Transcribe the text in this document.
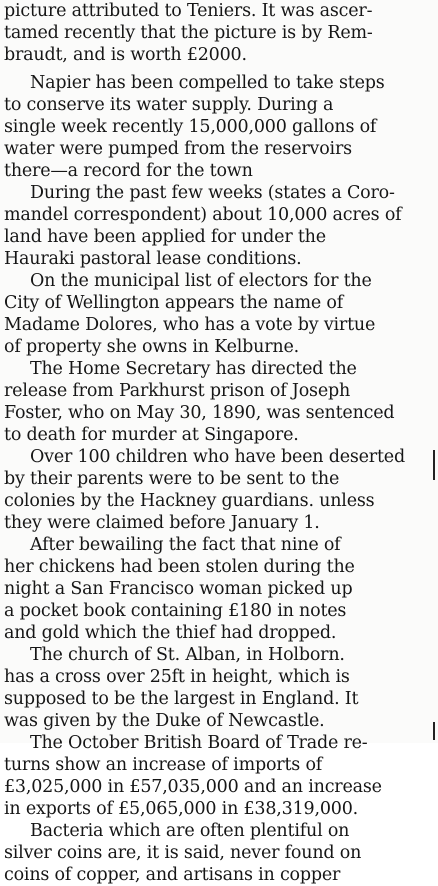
picture attributed to Teniers. It was ascer-
tamed recently that the picture is by Rem-
braudt, and is worth £2000.
Napier has been compelled to take steps
to conserve its water supply. During a
single week recently 15,000,000 gallons of
water were pumped from the reservoirs
there—a record for the town
During the past few weeks (states a Coro-
mandel correspondent) about 10,000 acres of
land have been applied for under the
Hauraki pastoral lease conditions.
On the municipal list of electors for the
City of Wellington appears the name of
Madame Dolores, who has a vote by virtue
of property she owns in Kelburne.
The Home Secretary has directed the
release from Parkhurst prison of Joseph
Foster, who on May 30, 1890, was sentenced
to death for murder at Singapore.
Over 100 children who have been deserted
by their parents were to be sent to the
colonies by the Hackney guardians. unless
they were claimed before January 1.
After bewailing the fact that nine of
her chickens had been stolen during the
night a San Francisco woman picked up
a pocket book containing £180 in notes
and gold which the thief had dropped.
The church of St. Alban, in Holborn.
has a cross over 25ft in height, which is
supposed to be the largest in England. It
was given by the Duke of Newcastle.
The October British Board of Trade re-
turns show an increase of imports of
£3,025,000 in £57,035,000 and an increase
in exports of £5,065,000 in £38,319,000.
Bacteria which are often plentiful on
silver coins are, it is said, never found on
coins of copper, and artisans in copper
